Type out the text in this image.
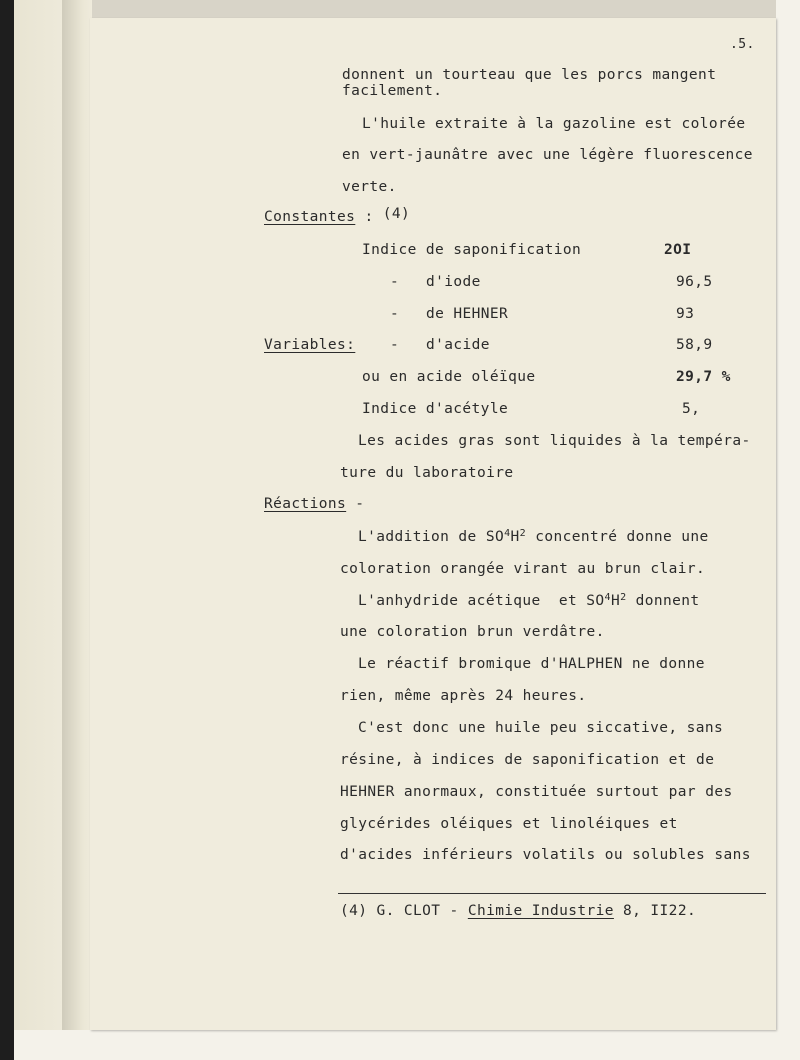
.5.
donnent un tourteau que les porcs mangent
facilement.
L'huile extraite à la gazoline est colorée
en vert-jaunâtre avec une légère fluorescence
verte.
Constantes : (4)
Indice de saponification	2OI
- d'iode	96,5
- de HEHNER	93
Variables: - d'acide	58,9
ou en acide oléïque	29,7 %
Indice d'acétyle	5,
Les acides gras sont liquides à la tempéra-
ture du laboratoire
Réactions -
L'addition de $SO^4H^2$ concentré donne une
coloration orangée virant au brun clair.
L'anhydride acétique  et $SO^4H^2$ donnent
une coloration brun verdâtre.
Le réactif bromique d'HALPHEN ne donne
rien, même après 24 heures.
C'est donc une huile peu siccative, sans
résine, à indices de saponification et de
HEHNER anormaux, constituée surtout par des
glycérides oléiques et linoléiques et
d'acides inférieurs volatils ou solubles sans
(4) G. CLOT - Chimie Industrie 8, II22.
